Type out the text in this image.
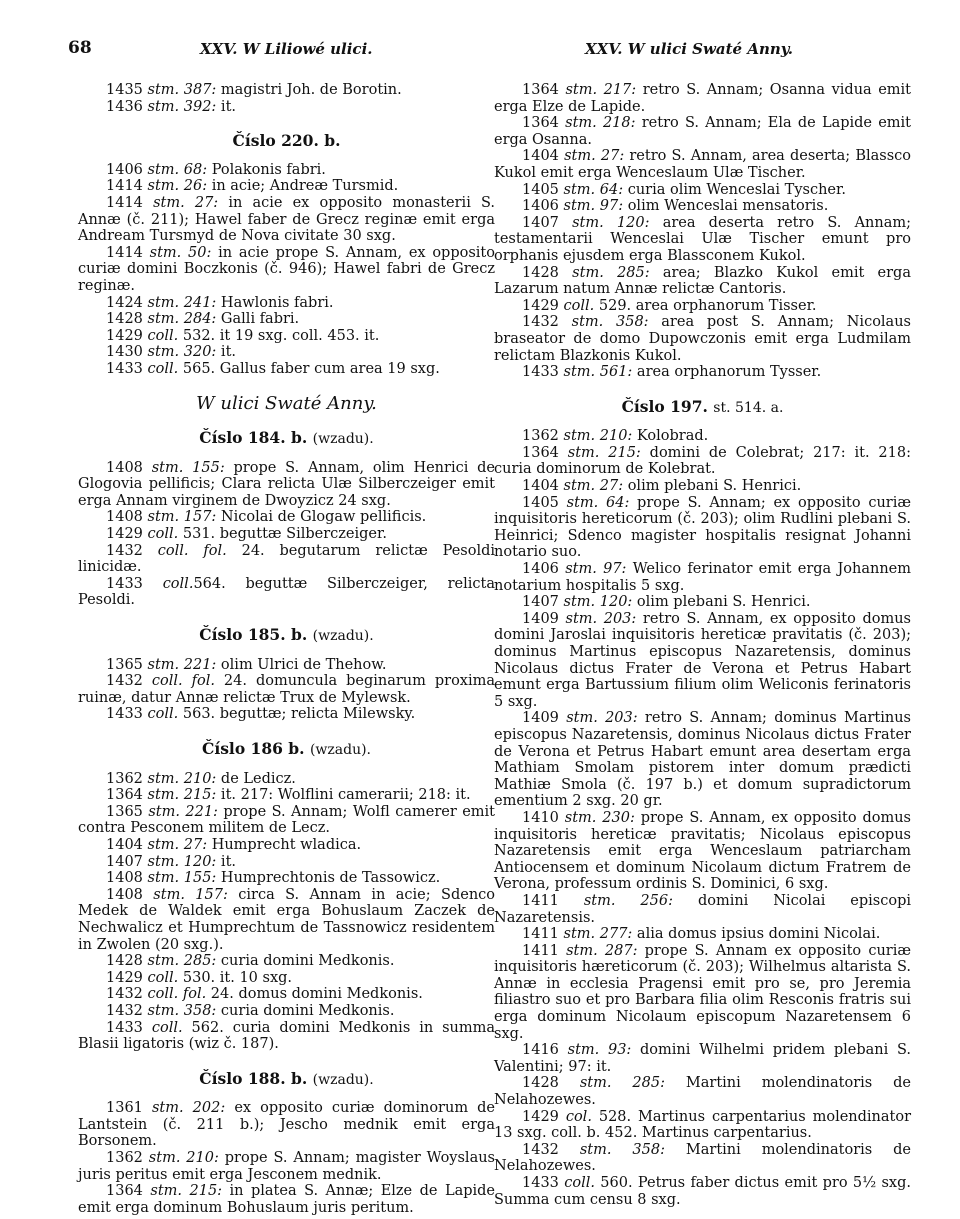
68	XXV. W Liliowé ulici.	XXV. W ulici Swaté Anny.

1435 stm. 387: magistri Joh. de Borotin.

1436 stm. 392: it.

Číslo 220. b.

1406 stm. 68: Polakonis fabri.

1414 stm. 26: in acie; Andreæ Tursmid.

1414 stm. 27: in acie ex opposito monasterii S. Annæ (č. 211); Hawel faber de Grecz reginæ emit erga Andream Tursmyd de Nova civitate 30 sxg.

1414 stm. 50: in acie prope S. Annam, ex opposito curiæ domini Boczkonis (č. 946); Hawel fabri de Grecz reginæ.

1424 stm. 241: Hawlonis fabri.

1428 stm. 284: Galli fabri.

1429 coll. 532. it 19 sxg. coll. 453. it.

1430 stm. 320: it.

1433 coll. 565. Gallus faber cum area 19 sxg.

W ulici Swaté Anny.
Číslo 184. b. (wzadu).

1408 stm. 155: prope S. Annam, olim Henrici de Glogovia pellificis; Clara relicta Ulæ Silberczeiger emit erga Annam virginem de Dwoyzicz 24 sxg.

1408 stm. 157: Nicolai de Glogaw pellificis.

1429 coll. 531. beguttæ Silberczeiger.

1432 coll. fol. 24. begutarum relictæ Pesoldi linicidæ.

1433 coll.564. beguttæ Silberczeiger, relicta Pesoldi.

Číslo 185. b. (wzadu).

1365 stm. 221: olim Ulrici de Thehow.

1432 coll. fol. 24. domuncula beginarum proxima ruinæ, datur Annæ relictæ Trux de Mylewsk.

1433 coll. 563. beguttæ; relicta Milewsky.

Číslo 186 b. (wzadu).

1362 stm. 210: de Ledicz.

1364 stm. 215: it. 217: Wolflini camerarii; 218: it.

1365 stm. 221: prope S. Annam; Wolfl camerer emit contra Pesconem militem de Lecz.

1404 stm. 27: Humprecht wladica.

1407 stm. 120: it.

1408 stm. 155: Humprechtonis de Tassowicz.

1408 stm. 157: circa S. Annam in acie; Sdenco Medek de Waldek emit erga Bohuslaum Zaczek de Nechwalicz et Humprechtum de Tassnowicz residentem in Zwolen (20 sxg.).

1428 stm. 285: curia domini Medkonis.

1429 coll. 530. it. 10 sxg.

1432 coll. fol. 24. domus domini Medkonis.

1432 stm. 358: curia domini Medkonis.

1433 coll. 562. curia domini Medkonis in summa Blasii ligatoris (wiz č. 187).

Číslo 188. b. (wzadu).

1361 stm. 202: ex opposito curiæ dominorum de Lantstein (č. 211 b.); Jescho mednik emit erga Borsonem.

1362 stm. 210: prope S. Annam; magister Woyslaus juris peritus emit erga Jesconem mednik.

1364 stm. 215: in platea S. Annæ; Elze de Lapide emit erga dominum Bohuslaum juris peritum.

1364 stm. 217: retro S. Annam; Osanna vidua emit erga Elze de Lapide.

1364 stm. 218: retro S. Annam; Ela de Lapide emit erga Osanna.

1404 stm. 27: retro S. Annam, area deserta; Blassco Kukol emit erga Wenceslaum Ulæ Tischer.

1405 stm. 64: curia olim Wenceslai Tyscher.

1406 stm. 97: olim Wenceslai mensatoris.

1407 stm. 120: area deserta retro S. Annam; testamentarii Wenceslai Ulæ Tischer emunt pro orphanis ejusdem erga Blassconem Kukol.

1428 stm. 285: area; Blazko Kukol emit erga Lazarum natum Annæ relictæ Cantoris.

1429 coll. 529. area orphanorum Tisser.

1432 stm. 358: area post S. Annam; Nicolaus braseator de domo Dupowczonis emit erga Ludmilam relictam Blazkonis Kukol.

1433 stm. 561: area orphanorum Tysser.

Číslo 197. st. 514. a.

1362 stm. 210: Kolobrad.

1364 stm. 215: domini de Colebrat; 217: it. 218: curia dominorum de Kolebrat.

1404 stm. 27: olim plebani S. Henrici.

1405 stm. 64: prope S. Annam; ex opposito curiæ inquisitoris hereticorum (č. 203); olim Rudlini plebani S. Heinrici; Sdenco magister hospitalis resignat Johanni notario suo.

1406 stm. 97: Welico ferinator emit erga Johannem notarium hospitalis 5 sxg.

1407 stm. 120: olim plebani S. Henrici.

1409 stm. 203: retro S. Annam, ex opposito domus domini Jaroslai inquisitoris hereticæ pravitatis (č. 203); dominus Martinus episcopus Nazaretensis, dominus Nicolaus dictus Frater de Verona et Petrus Habart emunt erga Bartussium filium olim Weliconis ferinatoris 5 sxg.

1409 stm. 203: retro S. Annam; dominus Martinus episcopus Nazaretensis, dominus Nicolaus dictus Frater de Verona et Petrus Habart emunt area desertam erga Mathiam Smolam pistorem inter domum prædicti Mathiæ Smola (č. 197 b.) et domum supradictorum ementium 2 sxg. 20 gr.

1410 stm. 230: prope S. Annam, ex opposito domus inquisitoris hereticæ pravitatis; Nicolaus episcopus Nazaretensis emit erga Wenceslaum patriarcham Antiocensem et dominum Nicolaum dictum Fratrem de Verona, professum ordinis S. Dominici, 6 sxg.

1411 stm. 256: domini Nicolai episcopi Nazaretensis.

1411 stm. 277: alia domus ipsius domini Nicolai.

1411 stm. 287: prope S. Annam ex opposito curiæ inquisitoris hæreticorum (č. 203); Wilhelmus altarista S. Annæ in ecclesia Pragensi emit pro se, pro Jeremia filiastro suo et pro Barbara filia olim Resconis fratris sui erga dominum Nicolaum episcopum Nazaretensem 6 sxg.

1416 stm. 93: domini Wilhelmi pridem plebani S. Valentini; 97: it.

1428 stm. 285: Martini molendinatoris de Nelahozewes.

1429 col. 528. Martinus carpentarius molendinator 13 sxg. coll. b. 452. Martinus carpentarius.

1432 stm. 358: Martini molendinatoris de Nelahozewes.

1433 coll. 560. Petrus faber dictus emit pro 5½ sxg. Summa cum censu 8 sxg.
